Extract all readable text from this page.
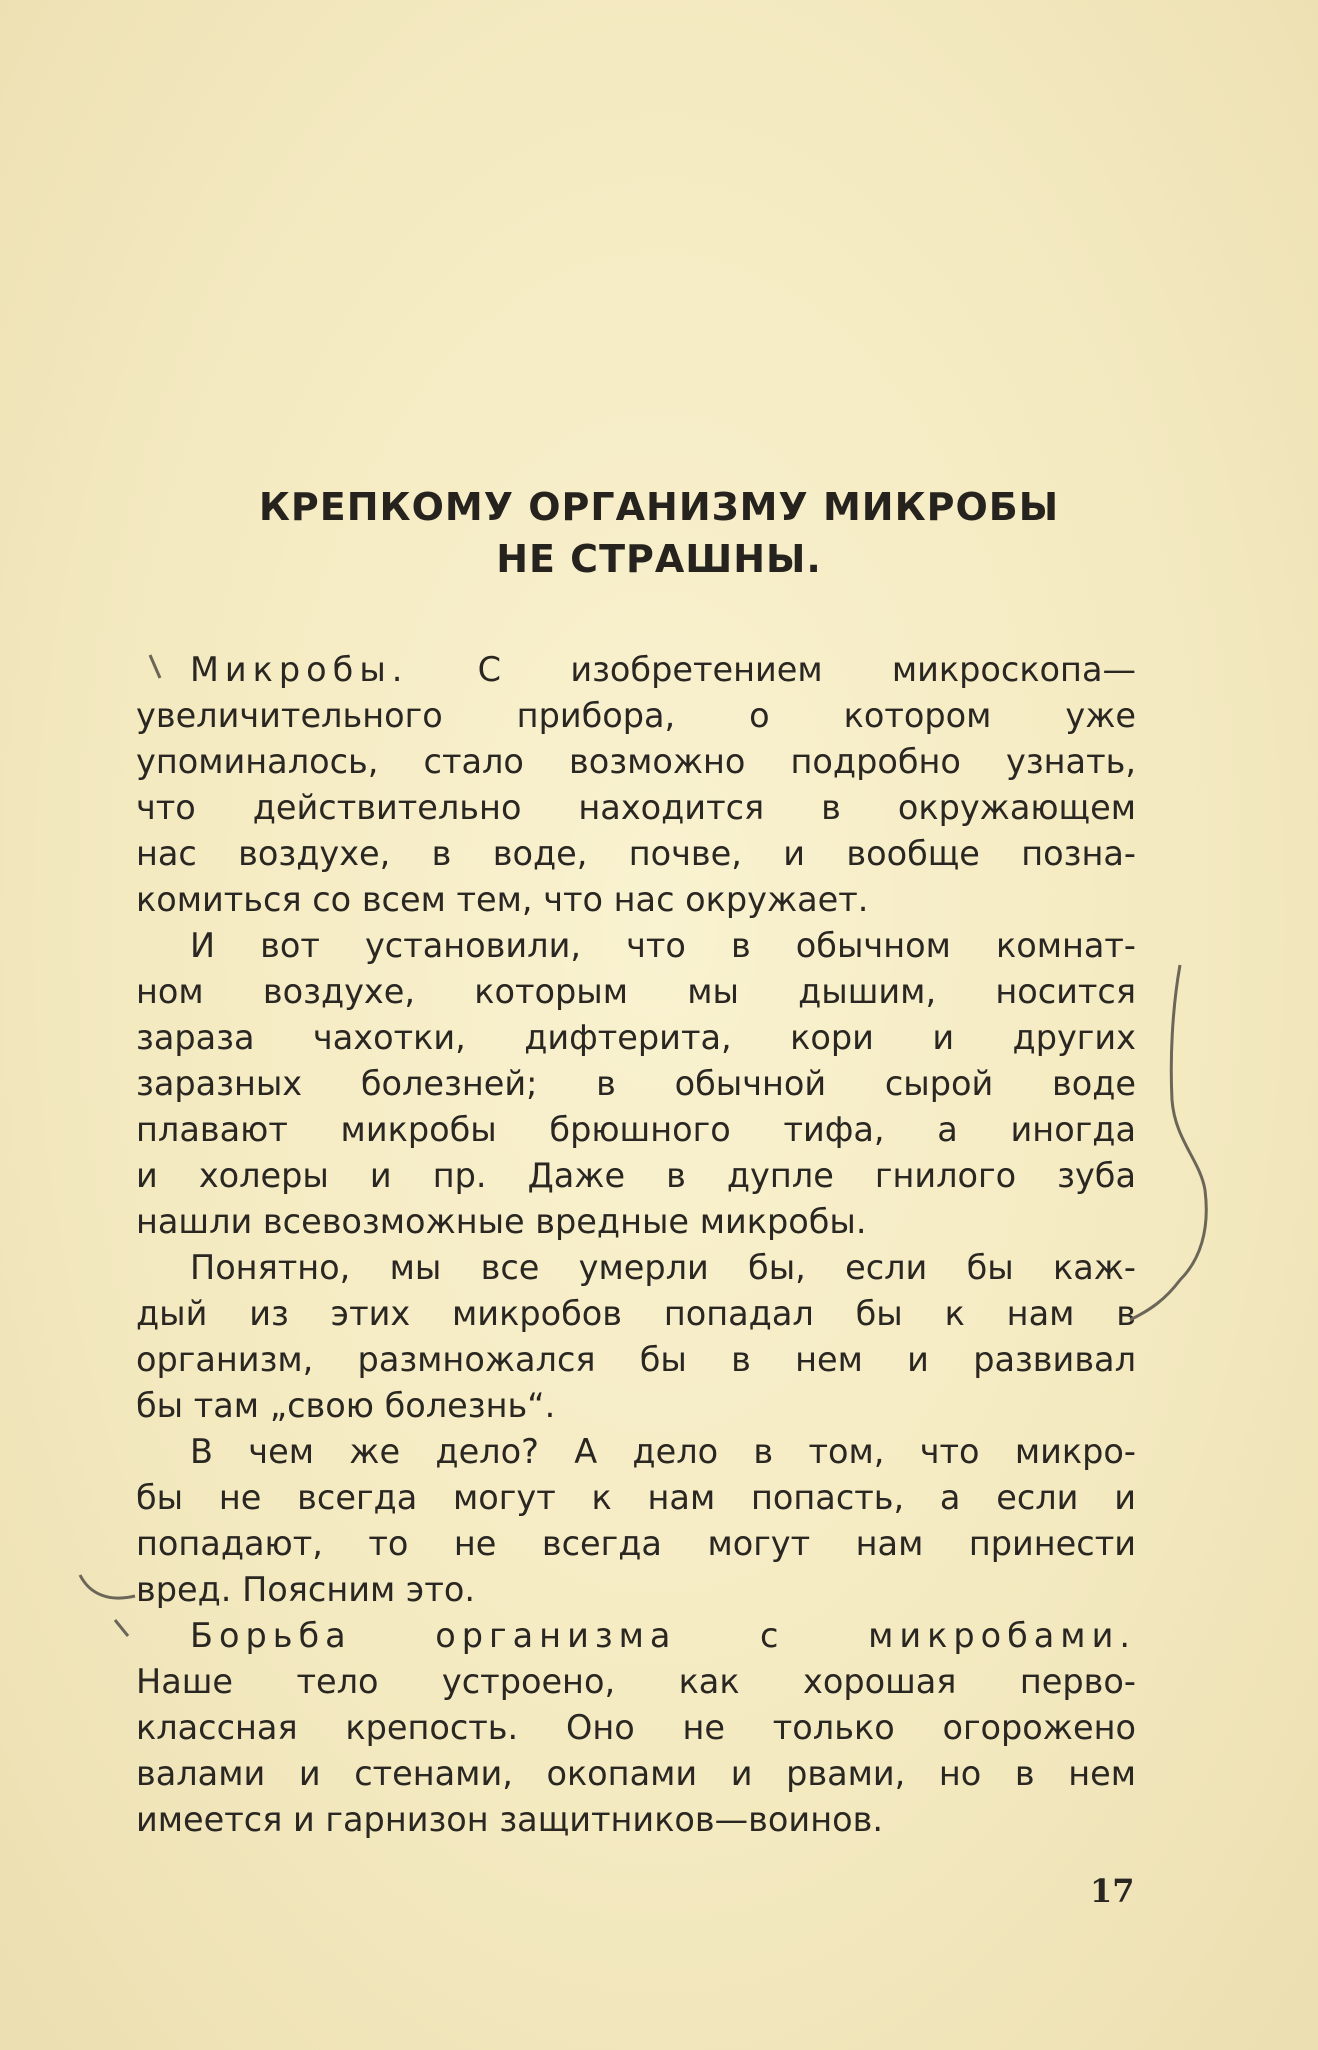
КРЕПКОМУ ОРГАНИЗМУ МИКРОБЫ
НЕ СТРАШНЫ.
Микробы. С изобретением микроскопа—
увеличительного прибора, о котором уже
упоминалось, стало возможно подробно узнать,
что действительно находится в окружающем
нас воздухе, в воде, почве, и вообще позна-
комиться со всем тем, что нас окружает.
И вот установили, что в обычном комнат-
ном воздухе, которым мы дышим, носится
зараза чахотки, дифтерита, кори и других
заразных болезней; в обычной сырой воде
плавают микробы брюшного тифа, а иногда
и холеры и пр. Даже в дупле гнилого зуба
нашли всевозможные вредные микробы.
Понятно, мы все умерли бы, если бы каж-
дый из этих микробов попадал бы к нам в
организм, размножался бы в нем и развивал
бы там „свою болезнь“.
В чем же дело? А дело в том, что микро-
бы не всегда могут к нам попасть, а если и
попадают, то не всегда могут нам принести
вред. Поясним это.
Борьба организма с микробами.
Наше тело устроено, как хорошая перво-
классная крепость. Оно не только огорожено
валами и стенами, окопами и рвами, но в нем
имеется и гарнизон защитников—воинов.
17
